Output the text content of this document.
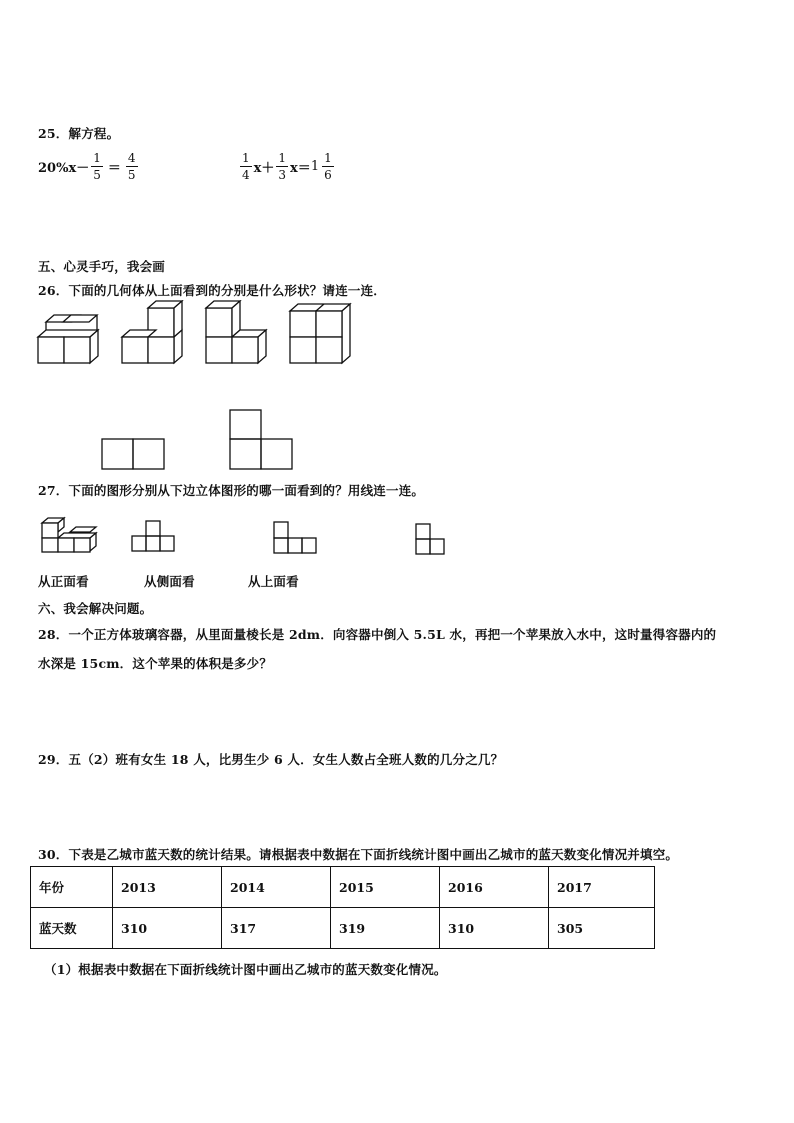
25．解方程。
$20\%x- \frac{1}{5} = \frac{4}{5}$	$\frac{1}{4} x+ \frac{1}{3} x= 1 \frac{1}{6}$
五、心灵手巧，我会画
26．下面的几何体从上面看到的分别是什么形状？请连一连．
27．下面的图形分别从下边立体图形的哪一面看到的？用线连一连。
从正面看	从侧面看	从上面看
六、我会解决问题。
28．一个正方体玻璃容器，从里面量棱长是 2dm．向容器中倒入 5.5L 水，再把一个苹果放入水中，这时量得容器内的
水深是 15cm．这个苹果的体积是多少？
29．五（2）班有女生 18 人，比男生少 6 人．女生人数占全班人数的几分之几？
30．下表是乙城市蓝天数的统计结果。请根据表中数据在下面折线统计图中画出乙城市的蓝天数变化情况并填空。
年份	2013	2014	2015	2016	2017
蓝天数	310	317	319	310	305
（1）根据表中数据在下面折线统计图中画出乙城市的蓝天数变化情况。
